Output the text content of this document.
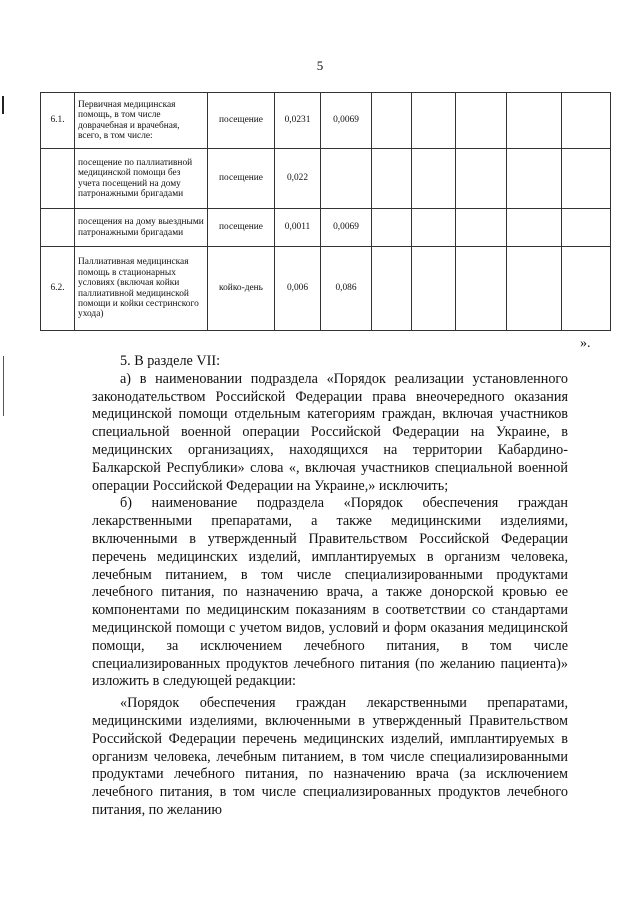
5
6.1.	Первичная медицинская помощь, в том числе доврачебная и врачебная, всего, в том числе:	посещение	0,0231	0,0069					
	посещение по паллиативной медицинской помощи без учета посещений на дому патронажными бригадами	посещение	0,022						
	посещения на дому выездными патронажными бригадами	посещение	0,0011	0,0069					
6.2.	Паллиативная медицинская помощь в стационарных условиях (включая койки паллиативной медицинской помощи и койки сестринского ухода)	койко-день	0,006	0,086					
».

5. В разделе VII:

а) в наименовании подраздела «Порядок реализации установленного законодательством Российской Федерации права внеочередного оказания медицинской помощи отдельным категориям граждан, включая участников специальной военной операции Российской Федерации на Украине, в медицинских организациях, находящихся на территории Кабардино-Балкарской Республики» слова «, включая участников специальной военной операции Российской Федерации на Украине,» исключить;

б) наименование подраздела «Порядок обеспечения граждан лекарственными препаратами, а также медицинскими изделиями, включенными в утвержденный Правительством Российской Федерации перечень медицинских изделий, имплантируемых в организм человека, лечебным питанием, в том числе специализированными продуктами лечебного питания, по назначению врача, а также донорской кровью ее компонентами по медицинским показаниям в соответствии со стандартами медицинской помощи с учетом видов, условий и форм оказания медицинской помощи, за исключением лечебного питания, в том числе специализированных продуктов лечебного питания (по желанию пациента)» изложить в следующей редакции:

«Порядок обеспечения граждан лекарственными препаратами, медицинскими изделиями, включенными в утвержденный Правительством Российской Федерации перечень медицинских изделий, имплантируемых в организм человека, лечебным питанием, в том числе специализированными продуктами лечебного питания, по назначению врача (за исключением лечебного питания, в том числе специализированных продуктов лечебного питания, по желанию
